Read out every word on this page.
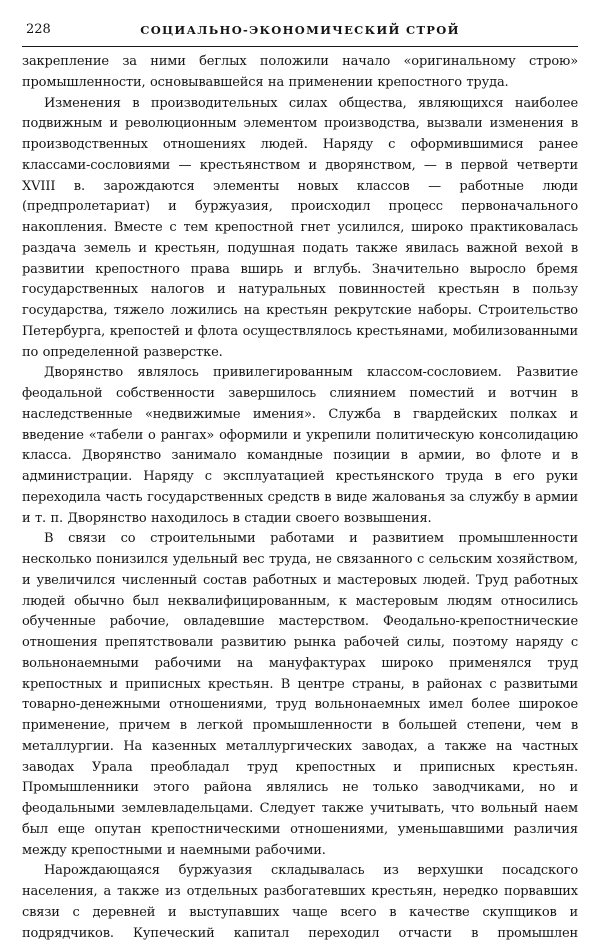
228	СОЦИАЛЬНО-ЭКОНОМИЧЕСКИЙ СТРОЙ

закрепление за ними беглых положили начало «оригинальному строю» промышленности, основывавшейся на применении крепостного труда.

Изменения в производительных силах общества, являющихся наиболее подвижным и революционным элементом производства, вызвали изменения в производственных отношениях людей. Наряду с оформившимися ранее классами-сословиями — крестьянством и дворянством, — в первой четверти XVIII в. зарождаются элементы новых классов — работные люди (предпролетариат) и буржуазия, происходил процесс первоначального накопления. Вместе с тем крепостной гнет усилился, широко практиковалась раздача земель и крестьян, подушная подать также явилась важной вехой в развитии крепостного права вширь и вглубь. Значительно выросло бремя государственных налогов и натуральных повинностей крестьян в пользу государства, тяжело ложились на крестьян рекрутские наборы. Строительство Петербурга, крепостей и флота осуществлялось крестьянами, мобилизованными по определенной разверстке.

Дворянство являлось привилегированным классом-сословием. Развитие феодальной собственности завершилось слиянием поместий и вотчин в наследственные «недвижимые имения». Служба в гвардейских полках и введение «табели о рангах» оформили и укрепили политическую консолидацию класса. Дворянство занимало командные позиции в армии, во флоте и в администрации. Наряду с эксплуатацией крестьянского труда в его руки переходила часть государственных средств в виде жалованья за службу в армии и т. п. Дворянство находилось в стадии своего возвышения.

В связи со строительными работами и развитием промышленности несколько понизился удельный вес труда, не связанного с сельским хозяйством, и увеличился численный состав работных и мастеровых людей. Труд работных людей обычно был неквалифицированным, к мастеровым людям относились обученные рабочие, овладевшие мастерством. Феодально-крепостнические отношения препятствовали развитию рынка рабочей силы, поэтому наряду с вольнонаемными рабочими на мануфактурах широко применялся труд крепостных и приписных крестьян. В центре страны, в районах с развитыми товарно-денежными отношениями, труд вольнонаемных имел более широкое применение, причем в легкой промышленности в большей степени, чем в металлургии. На казенных металлургических заводах, а также на частных заводах Урала преобладал труд крепостных и приписных крестьян. Промышленники этого района являлись не только заводчиками, но и феодальными землевладельцами. Следует также учитывать, что вольный наем был еще опутан крепостническими отношениями, уменьшавшими различия между крепостными и наемными рабочими.

Нарождающаяся буржуазия складывалась из верхушки посадского населения, а также из отдельных разбогатевших крестьян, нередко порвавших связи с деревней и выступавших чаще всего в качестве скупщиков и подрядчиков. Купеческий капитал переходил отчасти в промышлен
